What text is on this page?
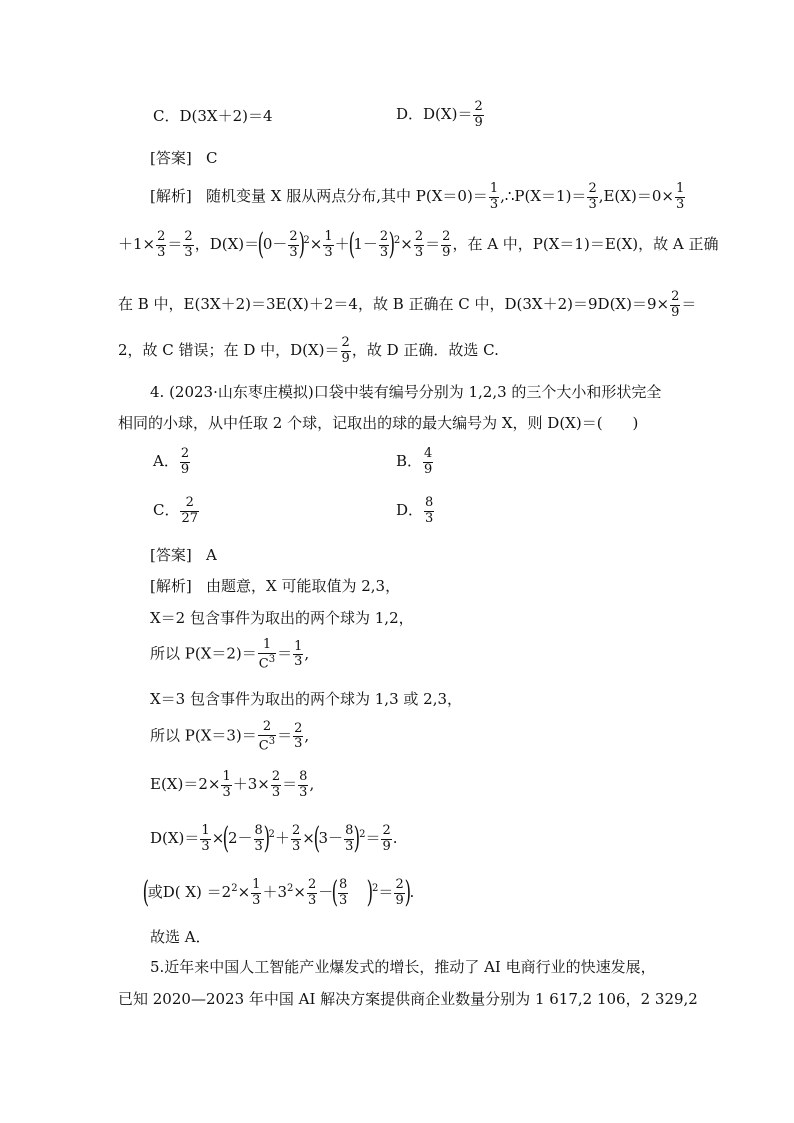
C．D(3X＋2)＝4	D．$D(X)= \frac{2}{9}$
[答案] C
[解析] 随机变量 X 服从两点分布,其中 $P(X=0)= \frac{1}{3}$ ,∴P(X＝1)＝ $\frac{2}{3} ,E(X)=0\times \frac{1}{3}$
$+1\times \frac{2}{3} = \frac{2}{3}$ ，$D(X)=(0- \frac{2}{3} )^2\times \frac{1}{3} +(1- \frac{2}{3} )^2\times \frac{2}{3} = \frac{2}{9}$ ，在 A 中，P(X＝1)＝E(X)，故 A 正确
在 B 中，E(3X＋2)＝3E(X)＋2＝4，故 B 正确在 C 中，$D(3X+2)=9D(X)=9\times \frac{2}{9}$ ＝
2，故 C 错误；在 D 中，$D(X)= \frac{2}{9}$ ，故 D 正确．故选 C.
4. (2023·山东枣庄模拟)口袋中装有编号分别为 1,2,3 的三个大小和形状完全
相同的小球，从中任取 2 个球，记取出的球的最大编号为 X，则 D(X)＝(　　)
A． $\frac{2}{9}$	B． $\frac{4}{9}$
C． $\frac{2}{27}$	D． $\frac{8}{3}$
[答案] A
[解析] 由题意，X 可能取值为 2,3，
X＝2 包含事件为取出的两个球为 1,2，
所以 $P(X=2)= \frac{1}{C^3} = \frac{1}{3}$ ,
X＝3 包含事件为取出的两个球为 1,3 或 2,3，
所以 $P(X=3)= \frac{2}{C^3} = \frac{2}{3}$ ,
$E(X)=2\times \frac{1}{3} +3\times \frac{2}{3} = \frac{8}{3}$ ,
$D(X)= \frac{1}{3} \times(2- \frac{8}{3} )^2+ \frac{2}{3} \times(3- \frac{8}{3} )^2= \frac{2}{9}$ .
(或D( $X) =2^2\times \frac{1}{3} +3^2\times \frac{2}{3}$ －( $\frac{8}{3} )^2= \frac{2}{9}$ ).
故选 A．
5.近年来中国人工智能产业爆发式的增长，推动了 AI 电商行业的快速发展，
已知 2020—2023 年中国 AI 解决方案提供商企业数量分别为 1 617,2 106，2 329,2
